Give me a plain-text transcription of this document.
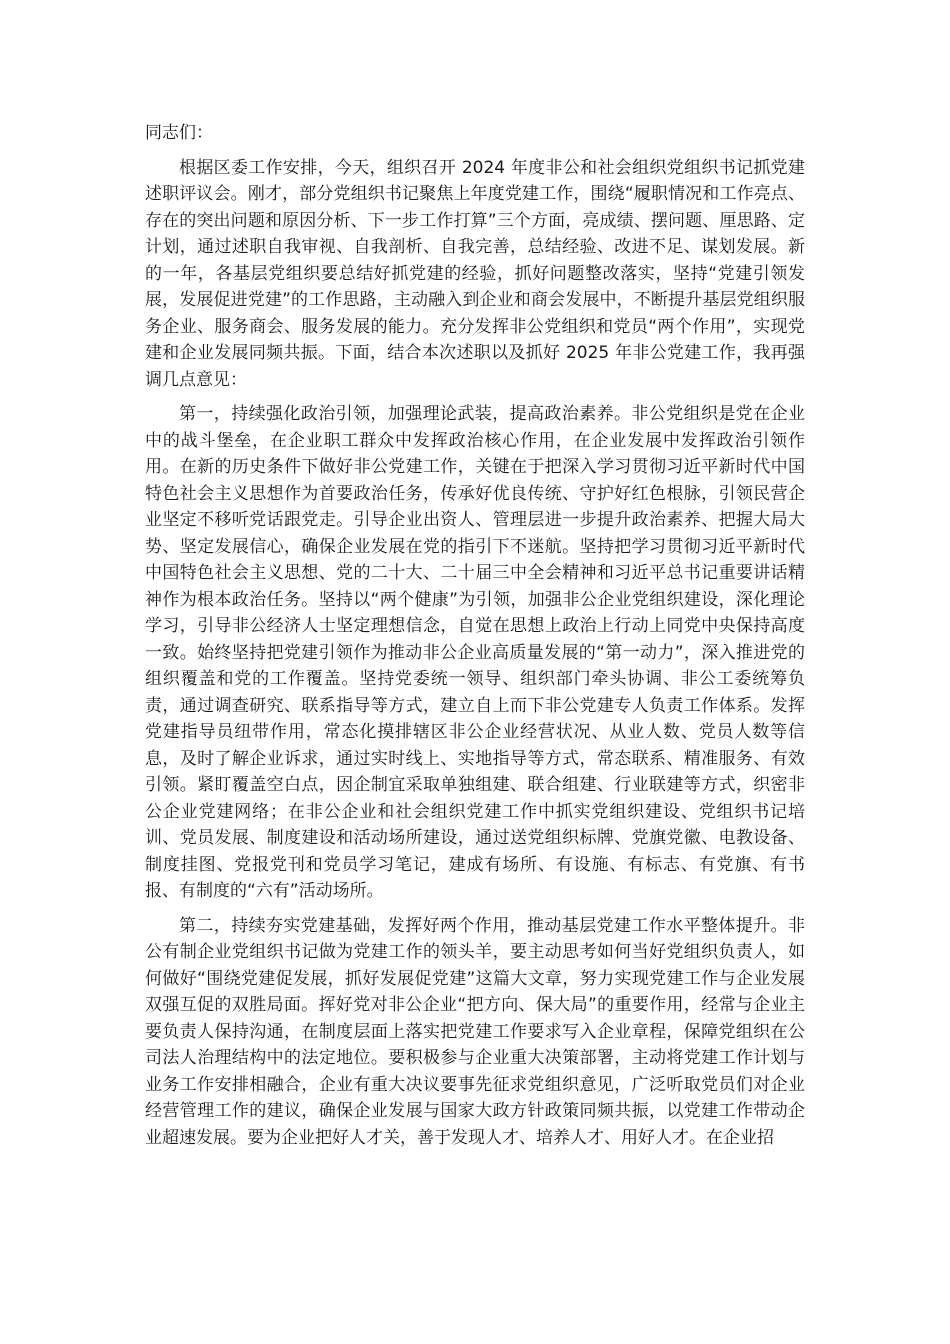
同志们：

根据区委工作安排，今天，组织召开 2024 年度非公和社会组织党组织书记抓党建述职评议会。刚才，部分党组织书记聚焦上年度党建工作，围绕“履职情况和工作亮点、存在的突出问题和原因分析、下一步工作打算”三个方面，亮成绩、摆问题、厘思路、定计划，通过述职自我审视、自我剖析、自我完善，总结经验、改进不足、谋划发展。新的一年，各基层党组织要总结好抓党建的经验，抓好问题整改落实，坚持“党建引领发展，发展促进党建”的工作思路，主动融入到企业和商会发展中，不断提升基层党组织服务企业、服务商会、服务发展的能力。充分发挥非公党组织和党员“两个作用”，实现党建和企业发展同频共振。下面，结合本次述职以及抓好 2025 年非公党建工作，我再强调几点意见：

第一，持续强化政治引领，加强理论武装，提高政治素养。非公党组织是党在企业中的战斗堡垒，在企业职工群众中发挥政治核心作用，在企业发展中发挥政治引领作用。在新的历史条件下做好非公党建工作，关键在于把深入学习贯彻习近平新时代中国特色社会主义思想作为首要政治任务，传承好优良传统、守护好红色根脉，引领民营企业坚定不移听党话跟党走。引导企业出资人、管理层进一步提升政治素养、把握大局大势、坚定发展信心，确保企业发展在党的指引下不迷航。坚持把学习贯彻习近平新时代中国特色社会主义思想、党的二十大、二十届三中全会精神和习近平总书记重要讲话精神作为根本政治任务。坚持以“两个健康”为引领，加强非公企业党组织建设，深化理论学习，引导非公经济人士坚定理想信念，自觉在思想上政治上行动上同党中央保持高度一致。始终坚持把党建引领作为推动非公企业高质量发展的“第一动力”，深入推进党的组织覆盖和党的工作覆盖。坚持党委统一领导、组织部门牵头协调、非公工委统筹负责，通过调查研究、联系指导等方式，建立自上而下非公党建专人负责工作体系。发挥党建指导员纽带作用，常态化摸排辖区非公企业经营状况、从业人数、党员人数等信息，及时了解企业诉求，通过实时线上、实地指导等方式，常态联系、精准服务、有效引领。紧盯覆盖空白点，因企制宜采取单独组建、联合组建、行业联建等方式，织密非公企业党建网络；在非公企业和社会组织党建工作中抓实党组织建设、党组织书记培训、党员发展、制度建设和活动场所建设，通过送党组织标牌、党旗党徽、电教设备、制度挂图、党报党刊和党员学习笔记，建成有场所、有设施、有标志、有党旗、有书报、有制度的“六有”活动场所。

第二，持续夯实党建基础，发挥好两个作用，推动基层党建工作水平整体提升。非公有制企业党组织书记做为党建工作的领头羊，要主动思考如何当好党组织负责人，如何做好“围绕党建促发展，抓好发展促党建”这篇大文章，努力实现党建工作与企业发展双强互促的双胜局面。挥好党对非公企业“把方向、保大局”的重要作用，经常与企业主要负责人保持沟通，在制度层面上落实把党建工作要求写入企业章程，保障党组织在公司法人治理结构中的法定地位。要积极参与企业重大决策部署，主动将党建工作计划与业务工作安排相融合，企业有重大决议要事先征求党组织意见，广泛听取党员们对企业经营管理工作的建议，确保企业发展与国家大政方针政策同频共振，以党建工作带动企业超速发展。要为企业把好人才关，善于发现人才、培养人才、用好人才。在企业招
